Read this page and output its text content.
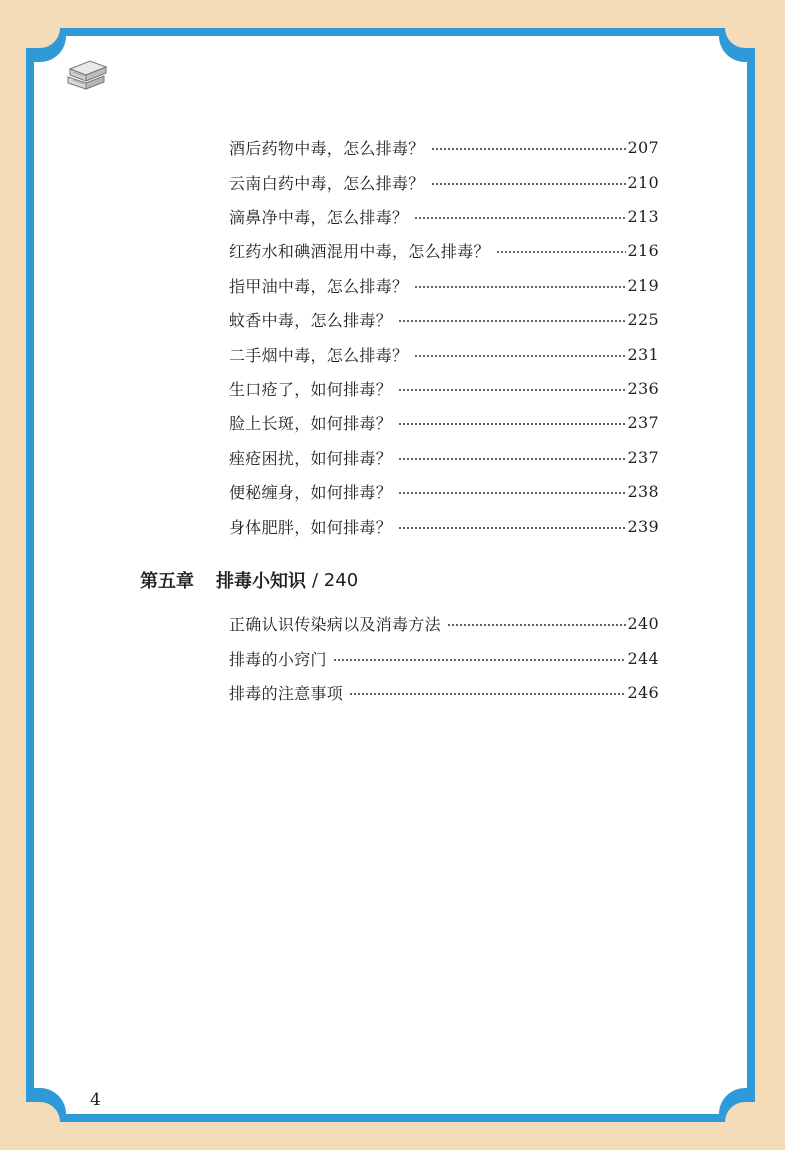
酒后药物中毒，怎么排毒？	207
云南白药中毒，怎么排毒？	210
滴鼻净中毒，怎么排毒？	213
红药水和碘酒混用中毒，怎么排毒？	216
指甲油中毒，怎么排毒？	219
蚊香中毒，怎么排毒？	225
二手烟中毒，怎么排毒？	231
生口疮了，如何排毒？	236
脸上长斑，如何排毒？	237
痤疮困扰，如何排毒？	237
便秘缠身，如何排毒？	238
身体肥胖，如何排毒？	239
第五章 排毒小知识 / 240
正确认识传染病以及消毒方法	240
排毒的小窍门	244
排毒的注意事项	246
4
